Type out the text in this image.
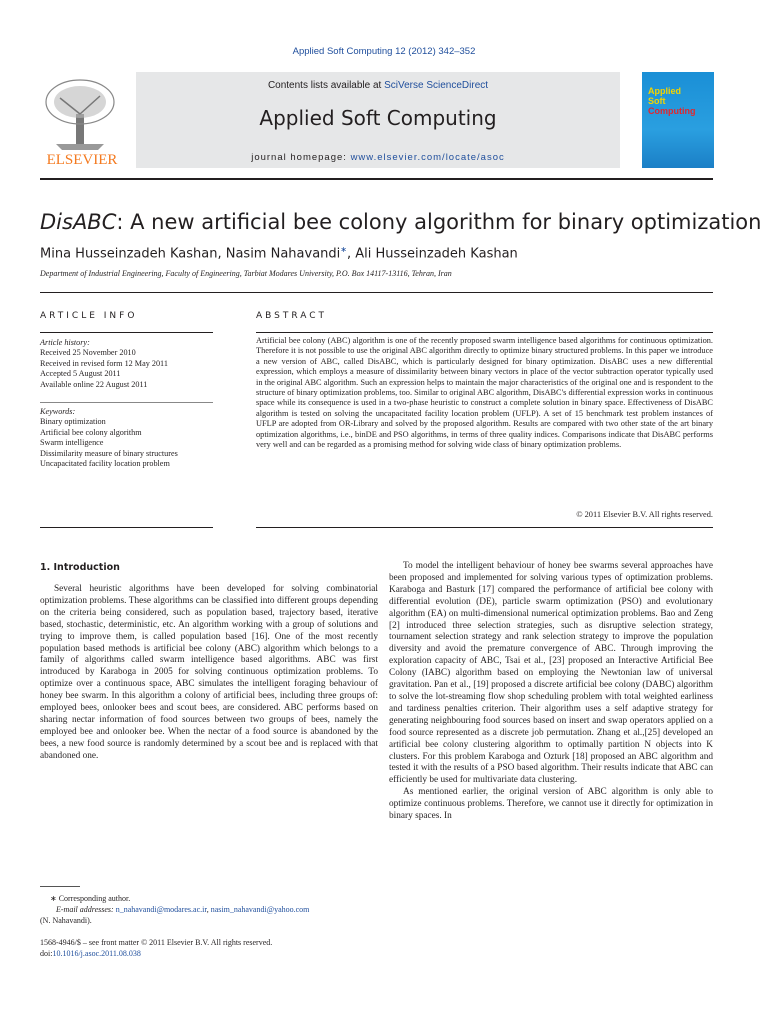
Applied Soft Computing 12 (2012) 342–352
ELSEVIER
Contents lists available at SciVerse ScienceDirect
Applied Soft Computing
journal homepage: www.elsevier.com/locate/asoc
Applied
Soft
Computing
DisABC: A new artificial bee colony algorithm for binary optimization
Mina Husseinzadeh Kashan, Nasim Nahavandi∗, Ali Husseinzadeh Kashan
Department of Industrial Engineering, Faculty of Engineering, Tarbiat Modares University, P.O. Box 14117-13116, Tehran, Iran
ARTICLE INFO
Article history:
Received 25 November 2010
Received in revised form 12 May 2011
Accepted 5 August 2011
Available online 22 August 2011
Keywords:
Binary optimization
Artificial bee colony algorithm
Swarm intelligence
Dissimilarity measure of binary structures
Uncapacitated facility location problem
ABSTRACT
Artificial bee colony (ABC) algorithm is one of the recently proposed swarm intelligence based algorithms for continuous optimization. Therefore it is not possible to use the original ABC algorithm directly to optimize binary structured problems. In this paper we introduce a new version of ABC, called DisABC, which is particularly designed for binary optimization. DisABC uses a new differential expression, which employs a measure of dissimilarity between binary vectors in place of the vector subtraction operator typically used in the original ABC algorithm. Such an expression helps to maintain the major characteristics of the original one and is respondent to the structure of binary optimization problems, too. Similar to original ABC algorithm, DisABC's differential expression works in continuous space while its consequence is used in a two-phase heuristic to construct a complete solution in binary space. Effectiveness of DisABC algorithm is tested on solving the uncapacitated facility location problem (UFLP). A set of 15 benchmark test problem instances of UFLP are adopted from OR-Library and solved by the proposed algorithm. Results are compared with two other state of the art binary optimization algorithms, i.e., binDE and PSO algorithms, in terms of three quality indices. Comparisons indicate that DisABC performs very well and can be regarded as a promising method for solving wide class of binary optimization problems.
© 2011 Elsevier B.V. All rights reserved.
1. Introduction

Several heuristic algorithms have been developed for solving combinatorial optimization problems. These algorithms can be classified into different groups depending on the criteria being considered, such as population based, trajectory based, iterative based, stochastic, deterministic, etc. An algorithm working with a group of solutions and trying to improve them, is called population based [16]. One of the most recently population based methods is artificial bee colony (ABC) algorithm which belongs to a family of algorithms called swarm intelligence based algorithms. ABC was first introduced by Karaboga in 2005 for solving continuous optimization problems. To optimize over a continuous space, ABC simulates the intelligent foraging behaviour of honey bee swarm. In this algorithm a colony of artificial bees, including three groups of: employed bees, onlooker bees and scout bees, are considered. ABC performs based on sharing nectar information of food sources between two groups of bees, namely the employed bee and onlooker bee. When the nectar of a food source is abandoned by the bees, a new food source is randomly determined by a scout bee and is replaced with that abandoned one.

To model the intelligent behaviour of honey bee swarms several approaches have been proposed and implemented for solving various types of optimization problems. Karaboga and Basturk [17] compared the performance of artificial bee colony with differential evolution (DE), particle swarm optimization (PSO) and evolutionary algorithm (EA) on multi-dimensional numerical optimization problems. Bao and Zeng [2] introduced three selection strategies, such as disruptive selection strategy, tournament selection strategy and rank selection strategy to improve the population diversity and avoid the premature convergence of ABC. Through improving the exploration capacity of ABC, Tsai et al., [23] proposed an Interactive Artificial Bee Colony (IABC) algorithm based on employing the Newtonian law of universal gravitation. Pan et al., [19] proposed a discrete artificial bee colony (DABC) algorithm to solve the lot-streaming flow shop scheduling problem with total weighted earliness and tardiness penalties criterion. Their algorithm uses a self adaptive strategy for generating neighbouring food sources based on insert and swap operators applied on a food source represented as a discrete job permutation. Zhang et al.,[25] developed an artificial bee colony clustering algorithm to optimally partition N objects into K clusters. For this problem Karaboga and Ozturk [18] proposed an ABC algorithm and tested it with the results of a PSO based algorithm. Their results indicate that ABC can efficiently be used for multivariate data clustering.

As mentioned earlier, the original version of ABC algorithm is only able to optimize continuous problems. Therefore, we cannot use it directly for optimization in binary spaces. In

∗ Corresponding author.
E-mail addresses: n_nahavandi@modares.ac.ir, nasim_nahavandi@yahoo.com
(N. Nahavandi).
1568-4946/$ – see front matter © 2011 Elsevier B.V. All rights reserved.
doi:10.1016/j.asoc.2011.08.038
